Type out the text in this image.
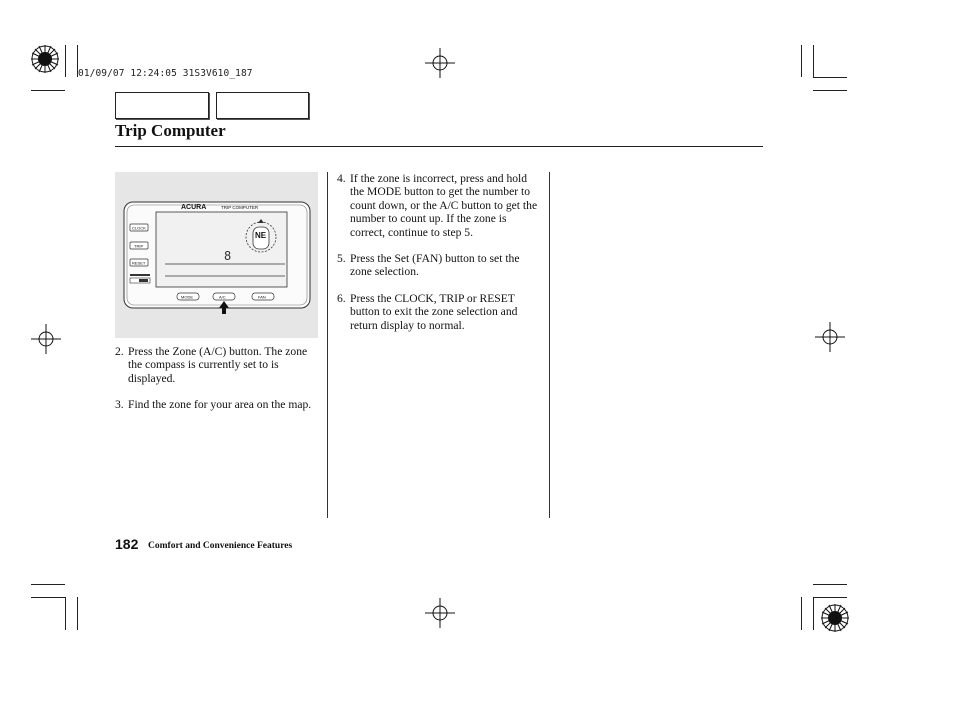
01/09/07 12:24:05 31S3V610_187
Trip Computer
ACURA	TRIP COMPUTER
8
NE
CLOCK
TRIP
RESET
MODE	A/C	FAN
2. Press the Zone (A/C) button. The zone the compass is currently set to is displayed.
3. Find the zone for your area on the map.
4. If the zone is incorrect, press and hold the MODE button to get the number to count down, or the A/C button to get the number to count up. If the zone is correct, continue to step 5.
5. Press the Set (FAN) button to set the zone selection.
6. Press the CLOCK, TRIP or RESET button to exit the zone selection and return display to normal.
182 Comfort and Convenience Features
